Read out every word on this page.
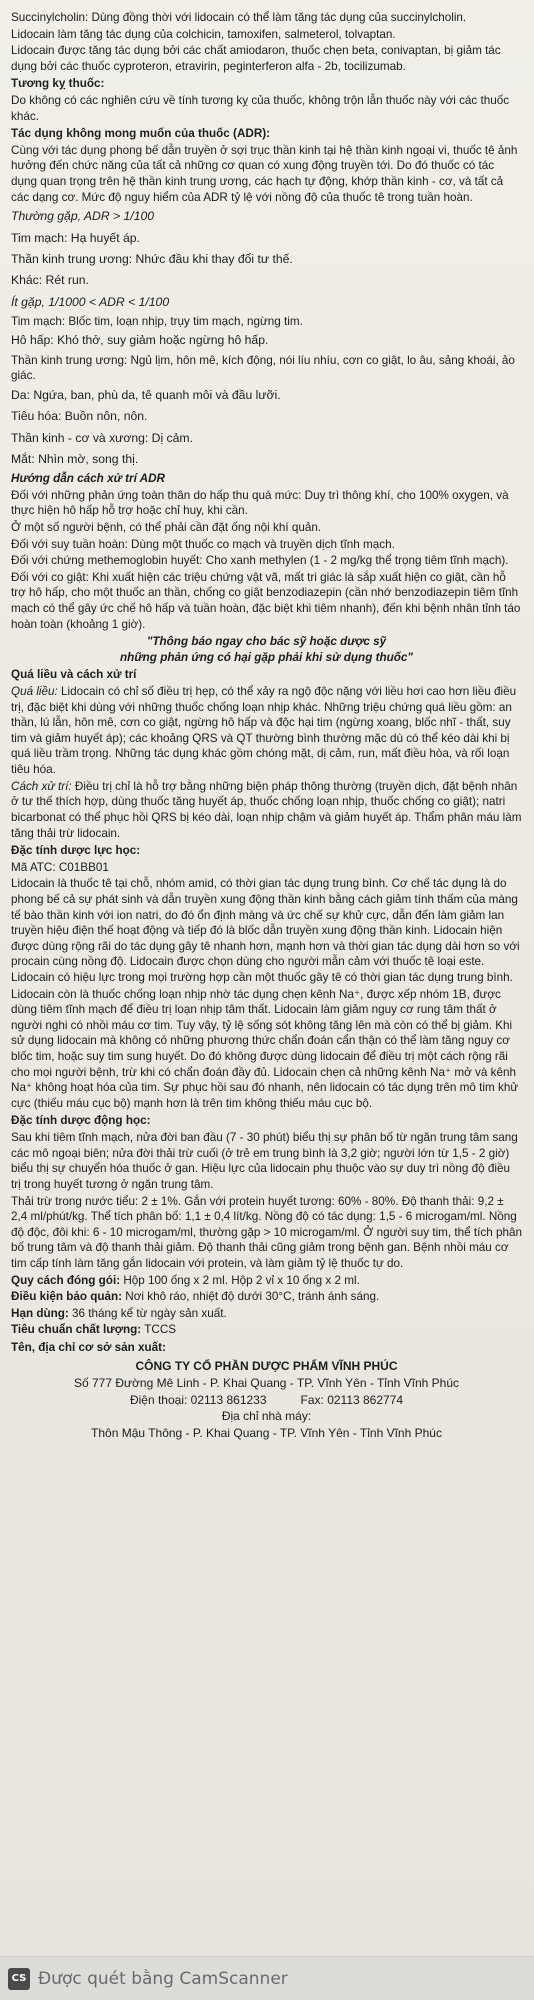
Succinylcholin: Dùng đồng thời với lidocain có thể làm tăng tác dụng của succinylcholin.

Lidocain làm tăng tác dụng của colchicin, tamoxifen, salmeterol, tolvaptan.

Lidocain được tăng tác dụng bởi các chất amiodaron, thuốc chẹn beta, conivaptan, bị giảm tác dụng bởi các thuốc cyproteron, etravirin, peginterferon alfa - 2b, tocilizumab.

Tương kỵ thuốc:

Do không có các nghiên cứu về tính tương kỵ của thuốc, không trộn lẫn thuốc này với các thuốc khác.

Tác dụng không mong muốn của thuốc (ADR):

Cùng với tác dụng phong bế dẫn truyền ở sợi trục thần kinh tại hệ thần kinh ngoại vi, thuốc tê ảnh hưởng đến chức năng của tất cả những cơ quan có xung động truyền tới. Do đó thuốc có tác dụng quan trọng trên hệ thần kinh trung ương, các hạch tự động, khớp thần kinh - cơ, và tất cả các dạng cơ. Mức độ nguy hiểm của ADR tỷ lệ với nồng độ của thuốc tê trong tuần hoàn.

Thường gặp, ADR > 1/100

Tim mạch: Hạ huyết áp.

Thần kinh trung ương: Nhức đầu khi thay đổi tư thế.

Khác: Rét run.

Ít gặp, 1/1000 < ADR < 1/100

Tim mạch: Blốc tim, loạn nhịp, trụy tim mạch, ngừng tim.

Hô hấp: Khó thở, suy giảm hoặc ngừng hô hấp.

Thần kinh trung ương: Ngủ lịm, hôn mê, kích động, nói líu nhíu, cơn co giật, lo âu, sảng khoái, ảo giác.

Da: Ngứa, ban, phù da, tê quanh môi và đầu lưỡi.

Tiêu hóa: Buồn nôn, nôn.

Thần kinh - cơ và xương: Dị cảm.

Mắt: Nhìn mờ, song thị.

Hướng dẫn cách xử trí ADR

Đối với những phản ứng toàn thân do hấp thu quá mức: Duy trì thông khí, cho 100% oxygen, và thực hiện hô hấp hỗ trợ hoặc chỉ huy, khi cần.

Ở một số người bệnh, có thể phải cần đặt ống nội khí quản.

Đối với suy tuần hoàn: Dùng một thuốc co mạch và truyền dịch tĩnh mạch.

Đối với chứng methemoglobin huyết: Cho xanh methylen (1 - 2 mg/kg thể trọng tiêm tĩnh mạch).

Đối với co giật: Khi xuất hiện các triệu chứng vật vã, mất tri giác là sắp xuất hiện co giật, cần hỗ trợ hô hấp, cho một thuốc an thần, chống co giật benzodiazepin (cần nhớ benzodiazepin tiêm tĩnh mạch có thể gây ức chế hô hấp và tuần hoàn, đặc biệt khi tiêm nhanh), đến khi bệnh nhân tỉnh táo hoàn toàn (khoảng 1 giờ).

"Thông báo ngay cho bác sỹ hoặc dược sỹ
những phản ứng có hại gặp phải khi sử dụng thuốc"

Quá liều và cách xử trí

Quá liều: Lidocain có chỉ số điều trị hẹp, có thể xảy ra ngộ độc nặng với liều hơi cao hơn liều điều trị, đặc biệt khi dùng với những thuốc chống loạn nhịp khác. Những triệu chứng quá liều gồm: an thần, lú lẫn, hôn mê, cơn co giật, ngừng hô hấp và độc hại tim (ngừng xoang, blốc nhĩ - thất, suy tim và giảm huyết áp); các khoảng QRS và QT thường bình thường mặc dù có thể kéo dài khi bị quá liều trầm trọng. Những tác dụng khác gồm chóng mặt, dị cảm, run, mất điều hòa, và rối loạn tiêu hóa.

Cách xử trí: Điều trị chỉ là hỗ trợ bằng những biện pháp thông thường (truyền dịch, đặt bệnh nhân ở tư thế thích hợp, dùng thuốc tăng huyết áp, thuốc chống loạn nhịp, thuốc chống co giật); natri bicarbonat có thể phục hồi QRS bị kéo dài, loạn nhịp chậm và giảm huyết áp. Thẩm phân máu làm tăng thải trừ lidocain.

Đặc tính dược lực học:

Mã ATC: C01BB01

Lidocain là thuốc tê tại chỗ, nhóm amid, có thời gian tác dụng trung bình. Cơ chế tác dụng là do phong bế cả sự phát sinh và dẫn truyền xung động thần kinh bằng cách giảm tính thấm của màng tế bào thần kinh với ion natri, do đó ổn định màng và ức chế sự khử cực, dẫn đến làm giảm lan truyền hiệu điện thế hoạt động và tiếp đó là blốc dẫn truyền xung động thần kinh. Lidocain hiện được dùng rộng rãi do tác dụng gây tê nhanh hơn, mạnh hơn và thời gian tác dụng dài hơn so với procain cùng nồng độ. Lidocain được chọn dùng cho người mẫn cảm với thuốc tê loại este. Lidocain có hiệu lực trong mọi trường hợp cần một thuốc gây tê có thời gian tác dụng trung bình.

Lidocain còn là thuốc chống loạn nhịp nhờ tác dụng chẹn kênh Na⁺, được xếp nhóm 1B, được dùng tiêm tĩnh mạch để điều trị loạn nhịp tâm thất. Lidocain làm giảm nguy cơ rung tâm thất ở người nghi có nhồi máu cơ tim. Tuy vậy, tỷ lệ sống sót không tăng lên mà còn có thể bị giảm. Khi sử dụng lidocain mà không có những phương thức chẩn đoán cẩn thận có thể làm tăng nguy cơ blốc tim, hoặc suy tim sung huyết. Do đó không được dùng lidocain để điều trị một cách rộng rãi cho mọi người bệnh, trừ khi có chẩn đoán đầy đủ. Lidocain chẹn cả những kênh Na⁺ mở và kênh Na⁺ không hoạt hóa của tim. Sự phục hồi sau đó nhanh, nên lidocain có tác dụng trên mô tim khử cực (thiếu máu cục bộ) mạnh hơn là trên tim không thiếu máu cục bộ.

Đặc tính dược động học:

Sau khi tiêm tĩnh mạch, nửa đời ban đầu (7 - 30 phút) biểu thị sự phân bố từ ngăn trung tâm sang các mô ngoại biên; nửa đời thải trừ cuối (ở trẻ em trung bình là 3,2 giờ; người lớn từ 1,5 - 2 giờ) biểu thị sự chuyển hóa thuốc ở gan. Hiệu lực của lidocain phụ thuộc vào sự duy trì nồng độ điều trị trong huyết tương ở ngăn trung tâm.

Thải trừ trong nước tiểu: 2 ± 1%. Gắn với protein huyết tương: 60% - 80%. Độ thanh thải: 9,2 ± 2,4 ml/phút/kg. Thể tích phân bố: 1,1 ± 0,4 lít/kg. Nồng độ có tác dụng: 1,5 - 6 microgam/ml. Nồng độ độc, đôi khi: 6 - 10 microgam/ml, thường gặp > 10 microgam/ml. Ở người suy tim, thể tích phân bố trung tâm và độ thanh thải giảm. Độ thanh thải cũng giảm trong bệnh gan. Bệnh nhồi máu cơ tim cấp tính làm tăng gắn lidocain với protein, và làm giảm tỷ lệ thuốc tự do.

Quy cách đóng gói: Hộp 100 ống x 2 ml. Hộp 2 vỉ x 10 ống x 2 ml.

Điều kiện bảo quản: Nơi khô ráo, nhiệt độ dưới 30°C, tránh ánh sáng.

Hạn dùng: 36 tháng kể từ ngày sản xuất.

Tiêu chuẩn chất lượng: TCCS

Tên, địa chỉ cơ sở sản xuất:

CÔNG TY CỔ PHẦN DƯỢC PHẨM VĨNH PHÚC

Số 777 Đường Mê Linh - P. Khai Quang - TP. Vĩnh Yên - Tỉnh Vĩnh Phúc

Điện thoại: 02113 861233	Fax: 02113 862774

Địa chỉ nhà máy:

Thôn Mậu Thông - P. Khai Quang - TP. Vĩnh Yên - Tỉnh Vĩnh Phúc

CS Được quét bằng CamScanner
